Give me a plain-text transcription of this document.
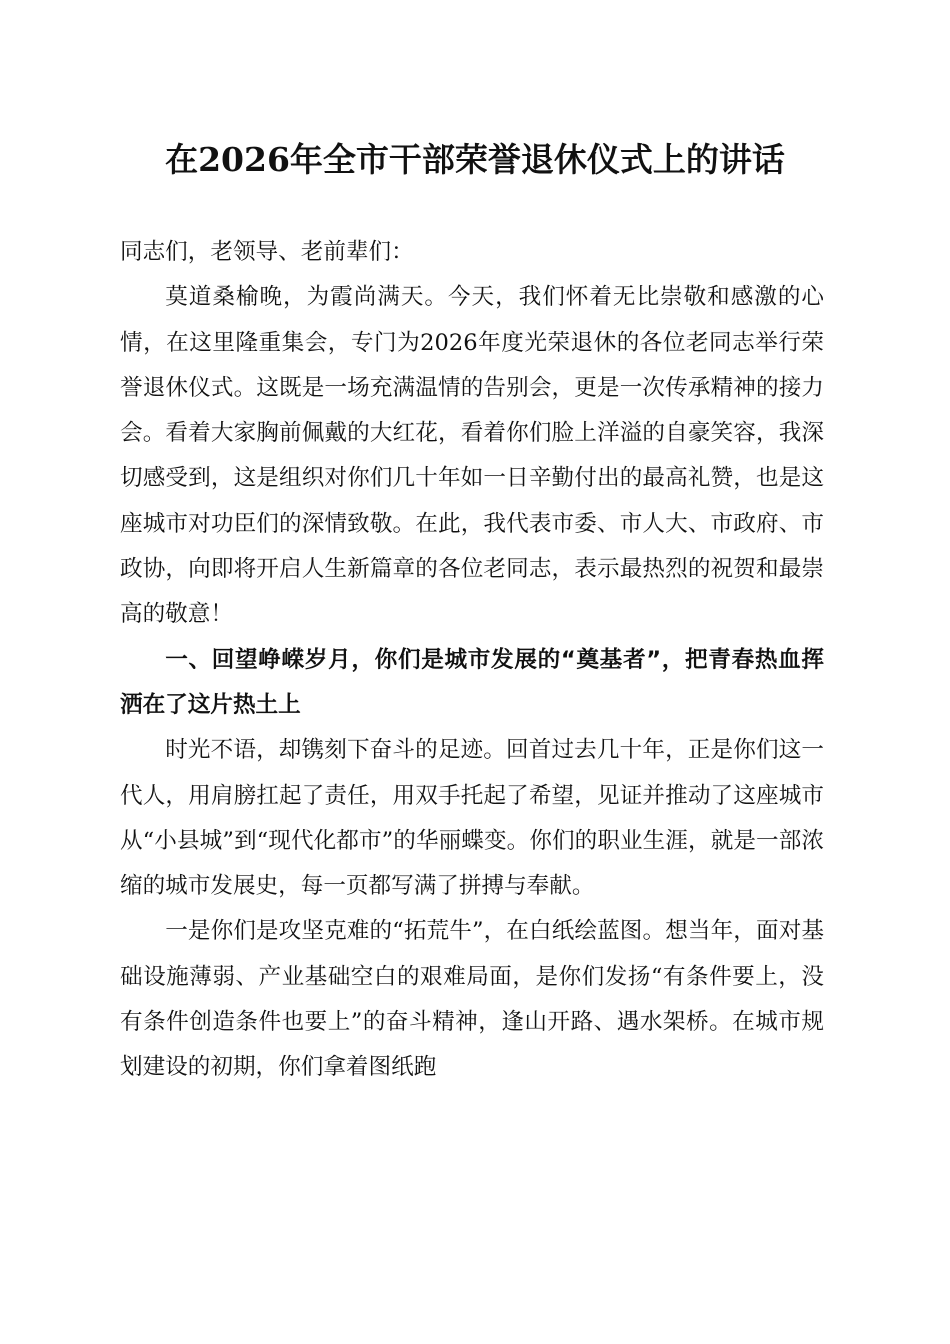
在2026年全市干部荣誉退休仪式上的讲话

同志们，老领导、老前辈们：

莫道桑榆晚，为霞尚满天。今天，我们怀着无比崇敬和感激的心情，在这里隆重集会，专门为2026年度光荣退休的各位老同志举行荣誉退休仪式。这既是一场充满温情的告别会，更是一次传承精神的接力会。看着大家胸前佩戴的大红花，看着你们脸上洋溢的自豪笑容，我深切感受到，这是组织对你们几十年如一日辛勤付出的最高礼赞，也是这座城市对功臣们的深情致敬。在此，我代表市委、市人大、市政府、市政协，向即将开启人生新篇章的各位老同志，表示最热烈的祝贺和最崇高的敬意！

一、回望峥嵘岁月，你们是城市发展的“奠基者”，把青春热血挥洒在了这片热土上

时光不语，却镌刻下奋斗的足迹。回首过去几十年，正是你们这一代人，用肩膀扛起了责任，用双手托起了希望，见证并推动了这座城市从“小县城”到“现代化都市”的华丽蝶变。你们的职业生涯，就是一部浓缩的城市发展史，每一页都写满了拼搏与奉献。

一是你们是攻坚克难的“拓荒牛”，在白纸绘蓝图。想当年，面对基础设施薄弱、产业基础空白的艰难局面，是你们发扬“有条件要上，没有条件创造条件也要上”的奋斗精神，逢山开路、遇水架桥。在城市规划建设的初期，你们拿着图纸跑
